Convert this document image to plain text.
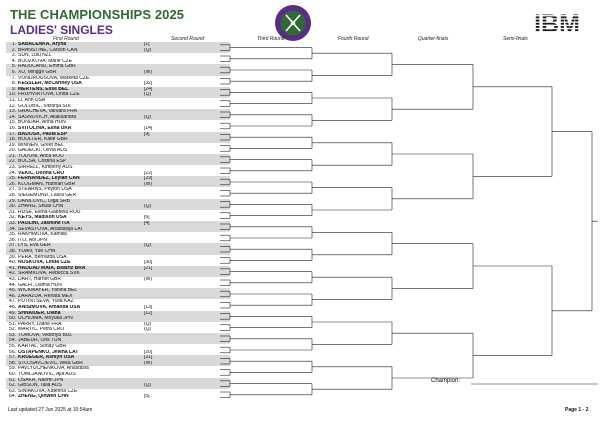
THE CHAMPIONSHIPS 2025
LADIES' SINGLES	IBM
First Round	Second Round	Third Round	Fourth Round	Quarter-finals	Semi-finals
1. SABALENKA, Aryna	[1]
2. BRANSTINE, Carson CAN	(Q)
3. SUN, Lulu NZL
4. BOUZKOVA, Marie CZE
5. RADUCANU, Emma GBR
6. XU, Mingge GBR	(W)
7. VONDROUSOVA, Marketa CZE
8. KESSLER, McCartney USA	[32]
9. MERTENS, Elise BEL	[24]
10. FRUHVIRTOVA, Linda CZE	(Q)
11. LI, Ann USA
12. GOLUBIC, Viktorija SUI
13. GRACHEVA, Varvara FRA
14. SASNOVICH, Aliaksandra	(Q)
15. BONDAR, Anna HUN
16. SVITOLINA, Elina UKR	[14]
17. BADOSA, Paula ESP	[9]
18. BOULTER, Katie GBR
19. MINNEN, Greet BEL
20. GADECKI, Olivia AUS
21. TODONI, Anca ROU
22. BUCSA, Cristina ESP
23. SIRRELL, Kimberly AUS
24. VEKIC, Donna CRO	[22]
25. FERNANDEZ, Leylah CAN	[29]
26. KLUGMAN, Hannah GBR	(W)
27. STEARNS, Peyton USA
28. SIEGEMUND, Laura GER
29. DANILOVIC, Olga SRB
30. ZHANG, Shuai CHN	(Q)
31. RUSE, Elena-Gabriela ROU
32. KEYS, Madison USA	[6]
33. PAOLINI, Jasmine ITA	[4]
34. SEVASTOVA, Anastasija LAT
35. RAKHIMOVA, Kamilla
36. ITO, Aoi JPN
37. LYS, Eva GER	(Q)
38. YUAN, Yue CHN
39. PERA, Bernarda USA
40. NOSKOVA, Linda CZE	[30]
41. HADDAD MAIA, Beatriz BRA	[21]
42. SRAMKOVA, Rebecca SVK
43. DART, Harriet GBR	(W)
44. GALFI, Dalma HUN
45. WICKMAYER, Yanina BEL
46. ZARAZUA, Renata MEX
47. PUTINTSEVA, Yulia KAZ
48. ANISIMOVA, Amanda USA	[13]
49. SHNAIDER, Diana	[12]
50. UCHIJIMA, Moyuka JPN
51. PARRY, Diane FRA	(Q)
52. MARTIC, Petra CRO	(Q)
53. TOMOVA, Viktoriya BUL
54. JABEUR, Ons TUN
55. KARTAL, Sonay GBR
56. OSTAPENKO, Jelena LAT	[20]
57. KRUEGER, Ashlyn USA	[31]
58. STOJSAVLJEVIC, Mika GBR	(W)
59. PAVLYUCHENKOVA, Anastasia
60. TOMLJANOVIC, Ajla AUS
61. OSAKA, Naomi JPN
62. GIBSON, Talia AUS	(Q)
63. SINIAKOVA, Katerina CZE
64. ZHENG, Qinwen CHN	[5]
Champion:
Last updated 27 Jun 2025 at 10:54am	Page 1 - 2
